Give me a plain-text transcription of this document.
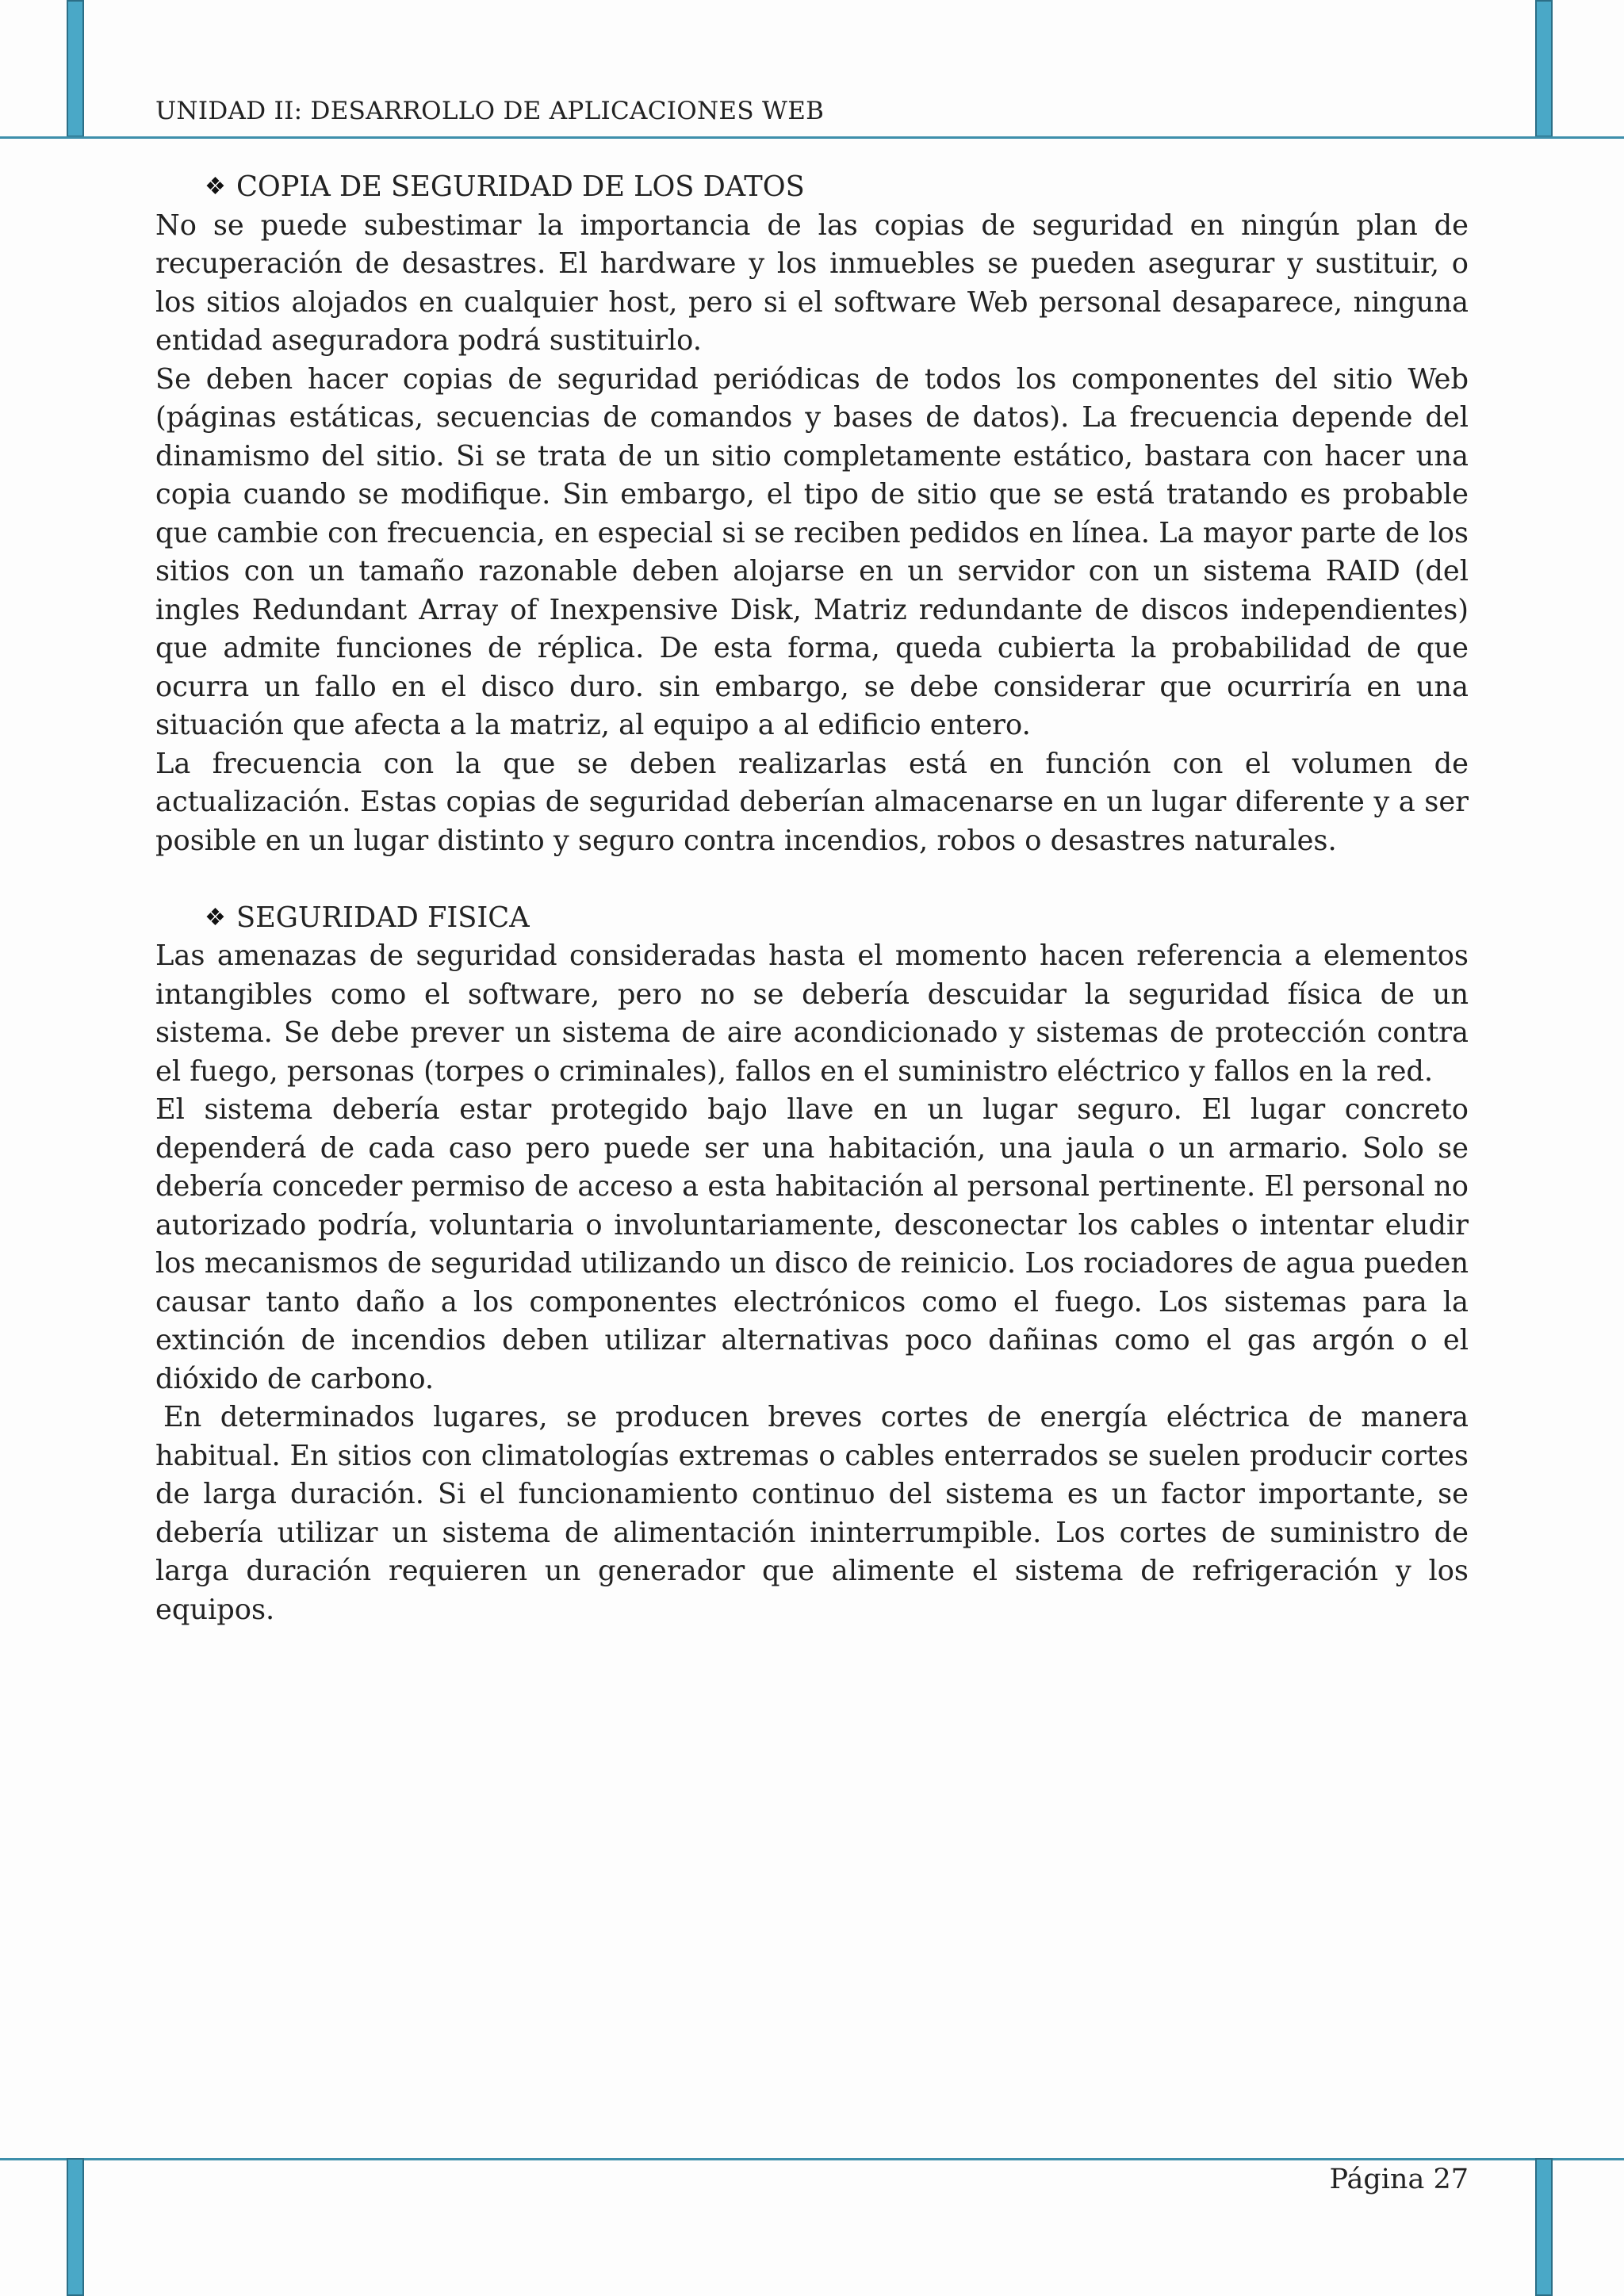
UNIDAD II: DESARROLLO DE APLICACIONES WEB
❖ COPIA DE SEGURIDAD DE LOS DATOS

No se puede subestimar la importancia de las copias de seguridad en ningún plan de recuperación de desastres. El hardware y los inmuebles se pueden asegurar y sustituir, o los sitios alojados en cualquier host, pero si el software Web personal desaparece, ninguna entidad aseguradora podrá sustituirlo.

Se deben hacer copias de seguridad periódicas de todos los componentes del sitio Web (páginas estáticas, secuencias de comandos y bases de datos). La frecuencia depende del dinamismo del sitio. Si se trata de un sitio completamente estático, bastara con hacer una copia cuando se modifique. Sin embargo, el tipo de sitio que se está tratando es probable que cambie con frecuencia, en especial si se reciben pedidos en línea. La mayor parte de los sitios con un tamaño razonable deben alojarse en un servidor con un sistema RAID (del ingles Redundant Array of Inexpensive Disk, Matriz redundante de discos independientes) que admite funciones de réplica. De esta forma, queda cubierta la probabilidad de que ocurra un fallo en el disco duro. sin embargo, se debe considerar que ocurriría en una situación que afecta a la matriz, al equipo a al edificio entero.

La frecuencia con la que se deben realizarlas está en función con el volumen de actualización. Estas copias de seguridad deberían almacenarse en un lugar diferente y a ser posible en un lugar distinto y seguro contra incendios, robos o desastres naturales.

❖ SEGURIDAD FISICA

Las amenazas de seguridad consideradas hasta el momento hacen referencia a elementos intangibles como el software, pero no se debería descuidar la seguridad física de un sistema. Se debe prever un sistema de aire acondicionado y sistemas de protección contra el fuego, personas (torpes o criminales), fallos en el suministro eléctrico y fallos en la red.

El sistema debería estar protegido bajo llave en un lugar seguro. El lugar concreto dependerá de cada caso pero puede ser una habitación, una jaula o un armario. Solo se debería conceder permiso de acceso a esta habitación al personal pertinente. El personal no autorizado podría, voluntaria o involuntariamente, desconectar los cables o intentar eludir los mecanismos de seguridad utilizando un disco de reinicio. Los rociadores de agua pueden causar tanto daño a los componentes electrónicos como el fuego. Los sistemas para la extinción de incendios deben utilizar alternativas poco dañinas como el gas argón o el dióxido de carbono.

En determinados lugares, se producen breves cortes de energía eléctrica de manera habitual. En sitios con climatologías extremas o cables enterrados se suelen producir cortes de larga duración. Si el funcionamiento continuo del sistema es un factor importante, se debería utilizar un sistema de alimentación ininterrumpible. Los cortes de suministro de larga duración requieren un generador que alimente el sistema de refrigeración y los equipos.

Página 27
